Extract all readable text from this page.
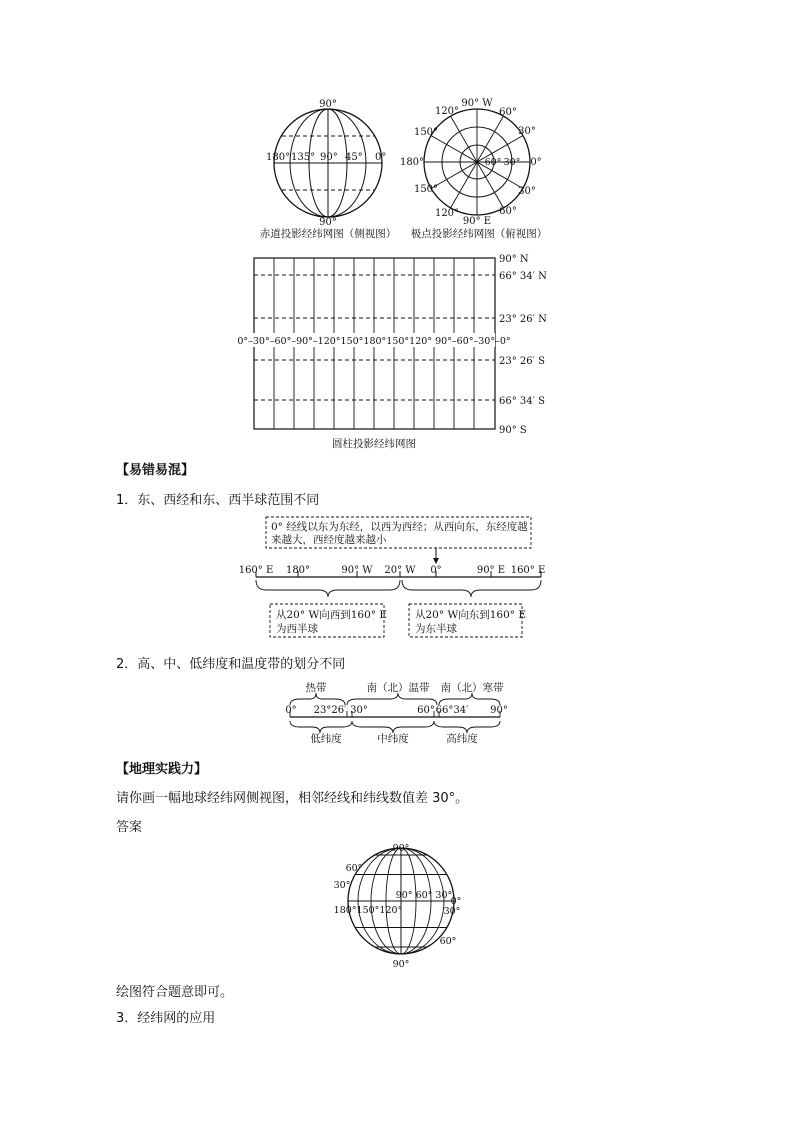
90°
90°
180° 135° 90° 45° 0°
赤道投影经纬网图（侧视图）
90° W
60°
30°
0°
30°
60°
90° E
120°
150°
180°
150°
120°
60° 30°
极点投影经纬网图（俯视图）
0°–30°–60°–90°–120°150°180°150°120° 90°–60°–30°–0°
90° N
66° 34′ N
23° 26′ N
23° 26′ S
66° 34′ S
90° S
圆柱投影经纬网图
0° 经线以东为东经，以西为西经；从西向东，东经度越
来越大，西经度越来越小
160° E 180°	90° W 20° W 0°	90° E 160° E
从20° W向西到160° E
为西半球
从20° W向东到160° E
为东半球
热带	南（北）温带 南（北）寒带
0° 23°26′ 30°	60° 66°34′ 90°
低纬度	中纬度	高纬度
90°
60°
30°
0°
30°
60°
90°
90° 60° 30°
180°150°120°
【易错易混】
1．东、西经和东、西半球范围不同
2．高、中、低纬度和温度带的划分不同
【地理实践力】
请你画一幅地球经纬网侧视图，相邻经线和纬线数值差 30°。
答案
绘图符合题意即可。
3．经纬网的应用
